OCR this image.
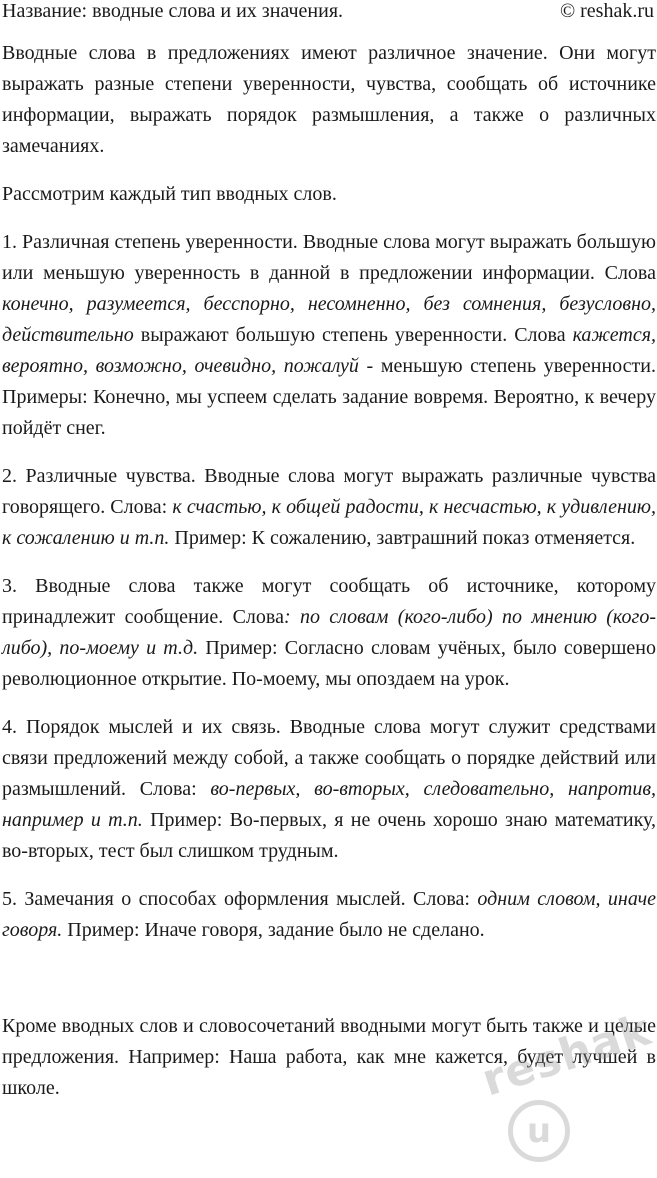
Название: вводные слова и их значения.	© reshak.ru

Вводные слова в предложениях имеют различное значение. Они могут выражать разные степени уверенности, чувства, сообщать об источнике информации, выражать порядок размышления, а также о различных замечаниях.

Рассмотрим каждый тип вводных слов.

1. Различная степень уверенности. Вводные слова могут выражать большую или меньшую уверенность в данной в предложении информации. Слова конечно, разумеется, бесспорно, несомненно, без сомнения, безусловно, действительно выражают большую степень уверенности. Слова кажется, вероятно, возможно, очевидно, пожалуй - меньшую степень уверенности. Примеры: Конечно, мы успеем сделать задание вовремя. Вероятно, к вечеру пойдёт снег.

2. Различные чувства. Вводные слова могут выражать различные чувства говорящего. Слова: к счастью, к общей радости, к несчастью, к удивлению, к сожалению и т.п. Пример: К сожалению, завтрашний показ отменяется.

3. Вводные слова также могут сообщать об источнике, которому принадлежит сообщение. Слова: по словам (кого-либо) по мнению (кого-либо), по-моему и т.д. Пример: Согласно словам учёных, было совершено революционное открытие. По-моему, мы опоздаем на урок.

4. Порядок мыслей и их связь. Вводные слова могут служит средствами связи предложений между собой, а также сообщать о порядке действий или размышлений. Слова: во-первых, во-вторых, следовательно, напротив, например и т.п. Пример: Во-первых, я не очень хорошо знаю математику, во-вторых, тест был слишком трудным.

5. Замечания о способах оформления мыслей. Слова: одним словом, иначе говоря. Пример: Иначе говоря, задание было не сделано.

Кроме вводных слов и словосочетаний вводными могут быть также и целые предложения. Например: Наша работа, как мне кажется, будет лучшей в школе.	reshak
u
